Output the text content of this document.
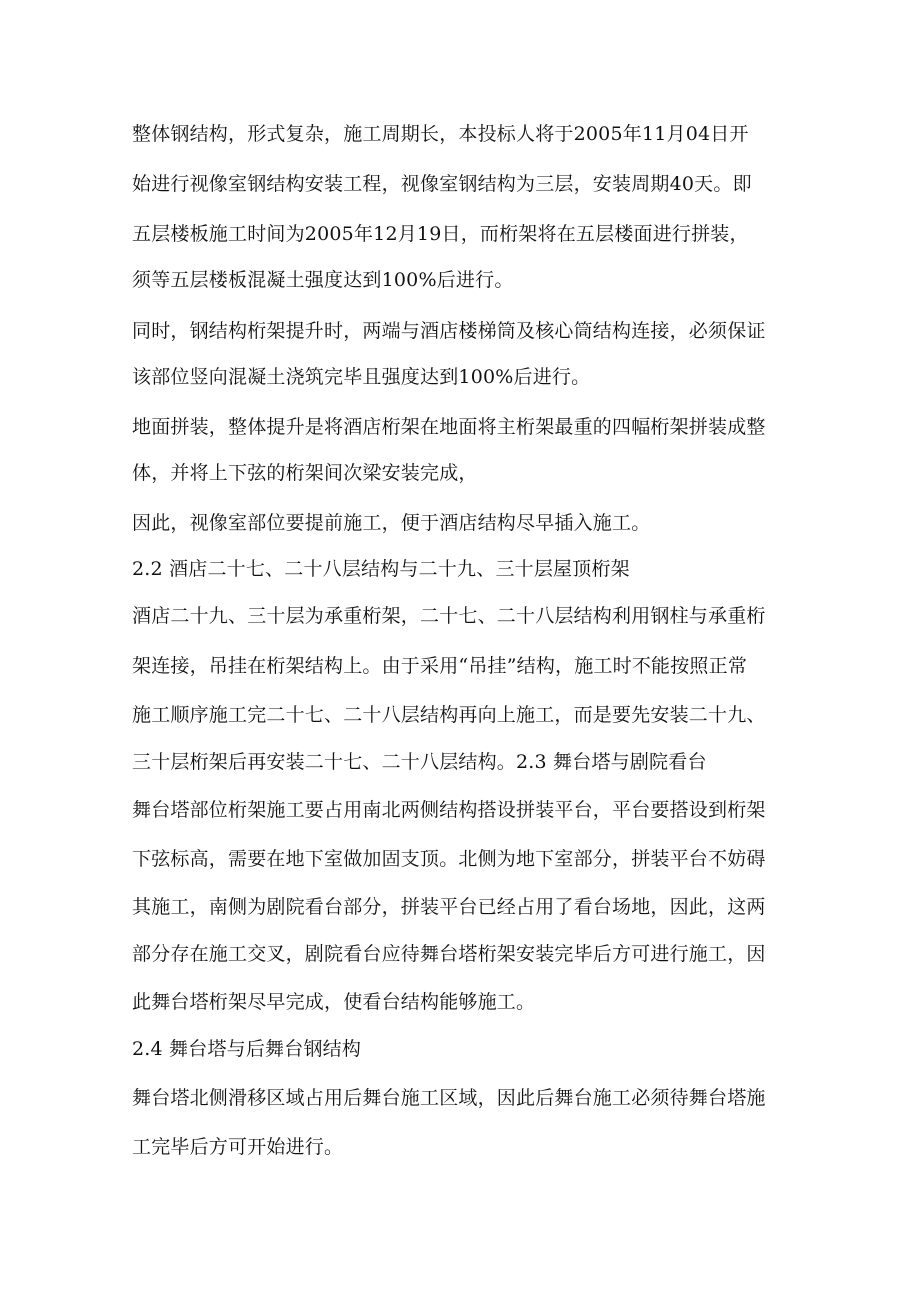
整体钢结构，形式复杂，施工周期长，本投标人将于2005年11月04日开

始进行视像室钢结构安装工程，视像室钢结构为三层，安装周期40天。即

五层楼板施工时间为2005年12月19日，而桁架将在五层楼面进行拼装，

须等五层楼板混凝土强度达到100%后进行。

同时，钢结构桁架提升时，两端与酒店楼梯筒及核心筒结构连接，必须保证

该部位竖向混凝土浇筑完毕且强度达到100%后进行。

地面拼装，整体提升是将酒店桁架在地面将主桁架最重的四幅桁架拼装成整

体，并将上下弦的桁架间次梁安装完成，

因此，视像室部位要提前施工，便于酒店结构尽早插入施工。

2.2 酒店二十七、二十八层结构与二十九、三十层屋顶桁架

酒店二十九、三十层为承重桁架，二十七、二十八层结构利用钢柱与承重桁

架连接，吊挂在桁架结构上。由于采用“吊挂”结构，施工时不能按照正常

施工顺序施工完二十七、二十八层结构再向上施工，而是要先安装二十九、

三十层桁架后再安装二十七、二十八层结构。2.3 舞台塔与剧院看台

舞台塔部位桁架施工要占用南北两侧结构搭设拼装平台，平台要搭设到桁架

下弦标高，需要在地下室做加固支顶。北侧为地下室部分，拼装平台不妨碍

其施工，南侧为剧院看台部分，拼装平台已经占用了看台场地，因此，这两

部分存在施工交叉，剧院看台应待舞台塔桁架安装完毕后方可进行施工，因

此舞台塔桁架尽早完成，使看台结构能够施工。

2.4 舞台塔与后舞台钢结构

舞台塔北侧滑移区域占用后舞台施工区域，因此后舞台施工必须待舞台塔施

工完毕后方可开始进行。
